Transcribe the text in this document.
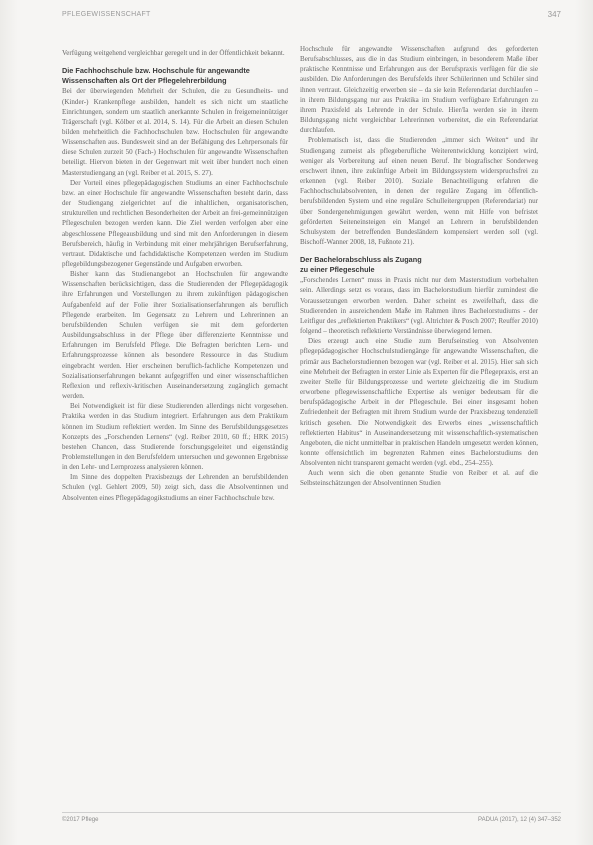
PFLEGEWISSENSCHAFT	347

Verfügung weitgehend vergleichbar geregelt und in der Öffentlichkeit bekannt.

Die Fachhochschule bzw. Hochschule für angewandte Wissenschaften als Ort der Pflegelehrerbildung

Bei der überwiegenden Mehrheit der Schulen, die zu Gesundheits- und (Kinder-) Krankenpflege ausbilden, handelt es sich nicht um staatliche Einrichtungen, sondern um staatlich anerkannte Schulen in freigemeinnütziger Trägerschaft (vgl. Kölber et al. 2014, S. 14). Für die Arbeit an diesen Schulen bilden mehrheitlich die Fachhochschulen bzw. Hochschulen für angewandte Wissenschaften aus. Bundesweit sind an der Befähigung des Lehrpersonals für diese Schulen zurzeit 50 (Fach-) Hochschulen für angewandte Wissenschaften beteiligt. Hiervon bieten in der Gegenwart mit weit über hundert noch einen Masterstudiengang an (vgl. Reiber et al. 2015, S. 27).

Der Vorteil eines pflegepädagogischen Studiums an einer Fachhochschule bzw. an einer Hochschule für angewandte Wissenschaften besteht darin, dass der Studiengang zielgerichtet auf die inhaltlichen, organisatorischen, strukturellen und rechtlichen Besonderheiten der Arbeit an frei-gemeinnützigen Pflegeschulen bezogen werden kann. Die Ziel werden verfolgen aber eine abgeschlossene Pflegeausbildung und sind mit den Anforderungen in diesem Berufsbereich, häufig in Verbindung mit einer mehrjährigen Berufserfahrung, vertraut. Didaktische und fachdidaktische Kompetenzen werden im Studium pflegebildungsbezogener Gegenstände und Aufgaben erworben.

Bisher kann das Studienangebot an Hochschulen für angewandte Wissenschaften berücksichtigen, dass die Studierenden der Pflegepädagogik ihre Erfahrungen und Vorstellungen zu ihrem zukünftigen pädagogischen Aufgabenfeld auf der Folie ihrer Sozialisationserfahrungen als beruflich Pflegende erarbeiten. Im Gegensatz zu Lehrern und Lehrerinnen an berufsbildenden Schulen verfügen sie mit dem geforderten Ausbildungsabschluss in der Pflege über differenzierte Kenntnisse und Erfahrungen im Berufsfeld Pflege. Die Befragten berichten Lern- und Erfahrungsprozesse können als besondere Ressource in das Studium eingebracht werden. Hier erscheinen beruflich-fachliche Kompetenzen und Sozialisationserfahrungen bekannt aufgegriffen und einer wissenschaftlichen Reflexion und reflexiv-kritischen Auseinandersetzung zugänglich gemacht werden.

Bei Notwendigkeit ist für diese Studierenden allerdings nicht vorgesehen. Praktika werden in das Studium integriert. Erfahrungen aus dem Praktikum können im Studium reflektiert werden. Im Sinne des Berufsbildungsgesetzes Konzepts des „Forschenden Lernens“ (vgl. Reiber 2010, 60 ff.; HRK 2015) bestehen Chancen, dass Studierende forschungsgeleitet und eigenständig Problemstellungen in den Berufsfeldern untersuchen und gewonnen Ergebnisse in den Lehr- und Lernprozess analysieren können.

Im Sinne des doppelten Praxisbezugs der Lehrenden an berufsbildenden Schulen (vgl. Gehlert 2009, 50) zeigt sich, dass die Absolventinnen und Absolventen eines Pflegepädagogikstudiums an einer Fachhochschule bzw.

Hochschule für angewandte Wissenschaften aufgrund des geforderten Berufsabschlusses, aus die in das Studium einbringen, in besonderem Maße über praktische Kenntnisse und Erfahrungen aus der Berufspraxis verfügen für die sie ausbilden. Die Anforderungen des Berufsfelds ihrer Schülerinnen und Schüler sind ihnen vertraut. Gleichzeitig erwerben sie – da sie kein Referendariat durchlaufen – in ihrem Bildungsgang nur aus Praktika im Studium verfügbare Erfahrungen zu ihrem Praxisfeld als Lehrende in der Schule. Hier/Ia werden sie in ihrem Bildungsgang nicht vergleichbar Lehrerinnen vorbereitet, die ein Referendariat durchlaufen.

Problematisch ist, dass die Studierenden „immer sich Weiten“ und ihr Studiengang zumeist als pflegeberufliche Weiterentwicklung konzipiert wird, weniger als Vorbereitung auf einen neuen Beruf. Ihr biografischer Sonderweg erschwert ihnen, ihre zukünftige Arbeit im Bildungssystem widerspruchsfrei zu erkennen (vgl. Reiber 2010). Soziale Benachteiligung erfahren die Fachhochschulabsolventen, in denen der reguläre Zugang im öffentlich-berufsbildenden System und eine reguläre Schulleitergruppen (Referendariat) nur über Sondergenehmigungen gewährt werden, wenn mit Hilfe von befristet geförderten Seiteneinsteigen ein Mangel an Lehrern in berufsbildenden Schulsystem der betreffenden Bundesländern kompensiert werden soll (vgl. Bischoff-Wanner 2008, 18, Fußnote 21).

Der Bachelorabschluss als Zugang
zu einer Pflegeschule

„Forschendes Lernen“ muss in Praxis nicht nur dem Masterstudium vorbehalten sein. Allerdings setzt es voraus, dass im Bachelorstudium hierfür zumindest die Voraussetzungen erworben werden. Daher scheint es zweifelhaft, dass die Studierenden in ausreichendem Maße im Rahmen ihres Bachelorstudiums - der Leitfigur des „reflektierten Praktikers“ (vgl. Altrichter & Posch 2007; Reuffer 2010) folgend – theoretisch reflektierte Verständnisse überwiegend lernen.

Dies erzeugt auch eine Studie zum Berufseinstieg von Absolventen pflegepädagogischer Hochschulstudiengänge für angewandte Wissenschaften, die primär aus Bachelorstudiennen bezogen war (vgl. Reiber et al. 2015). Hier sah sich eine Mehrheit der Befragten in erster Linie als Experten für die Pflegepraxis, erst an zweiter Stelle für Bildungsprozesse und wertete gleichzeitig die im Studium erworbene pflegewissenschaftliche Expertise als weniger bedeutsam für die berufspädagogische Arbeit in der Pflegeschule. Bei einer insgesamt hohen Zufriedenheit der Befragten mit ihrem Studium wurde der Praxisbezug tendenziell kritisch gesehen. Die Notwendigkeit des Erwerbs eines „wissenschaftlich reflektierten Habitus“ in Auseinandersetzung mit wissenschaftlich-systematischen Angeboten, die nicht unmittelbar in praktischen Handeln umgesetzt werden können, konnte offensichtlich im begrenzten Rahmen eines Bachelorstudiums den Absolventen nicht transparent gemacht werden (vgl. ebd., 254–255).

Auch wenn sich die oben genannte Studie von Reiber et al. auf die Selbsteinschätzungen der Absolventinnen Studien

©2017 Pflege	PADUA (2017), 12 (4) 347–352
